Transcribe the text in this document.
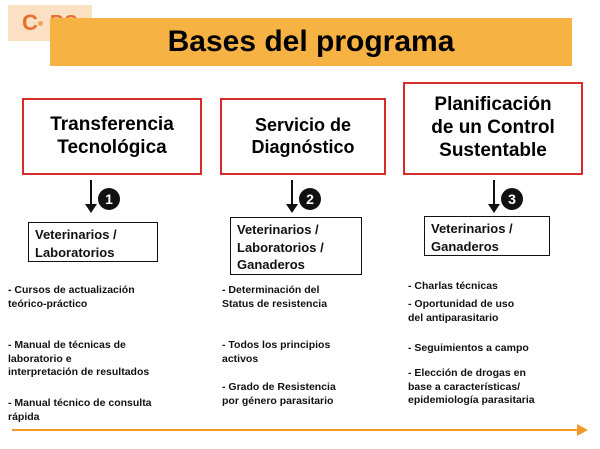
C
Bases del programa
Transferencia
Tecnológica
1
Veterinarios /
Laboratorios
- Cursos de actualización
teórico-práctico
- Manual de técnicas de
laboratorio e
interpretación de resultados
- Manual técnico de consulta
rápida
Servicio de
Diagnóstico
2
Veterinarios /
Laboratorios /
Ganaderos
- Determinación del
Status de resistencia
- Todos los principios
activos
- Grado de Resistencia
por género parasitario
Planificación
de un Control
Sustentable
3
Veterinarios /
Ganaderos
- Charlas técnicas
- Oportunidad de uso
del antiparasitario
- Seguimientos a campo
- Elección de drogas en
base a características/
epidemiología parasitaria
